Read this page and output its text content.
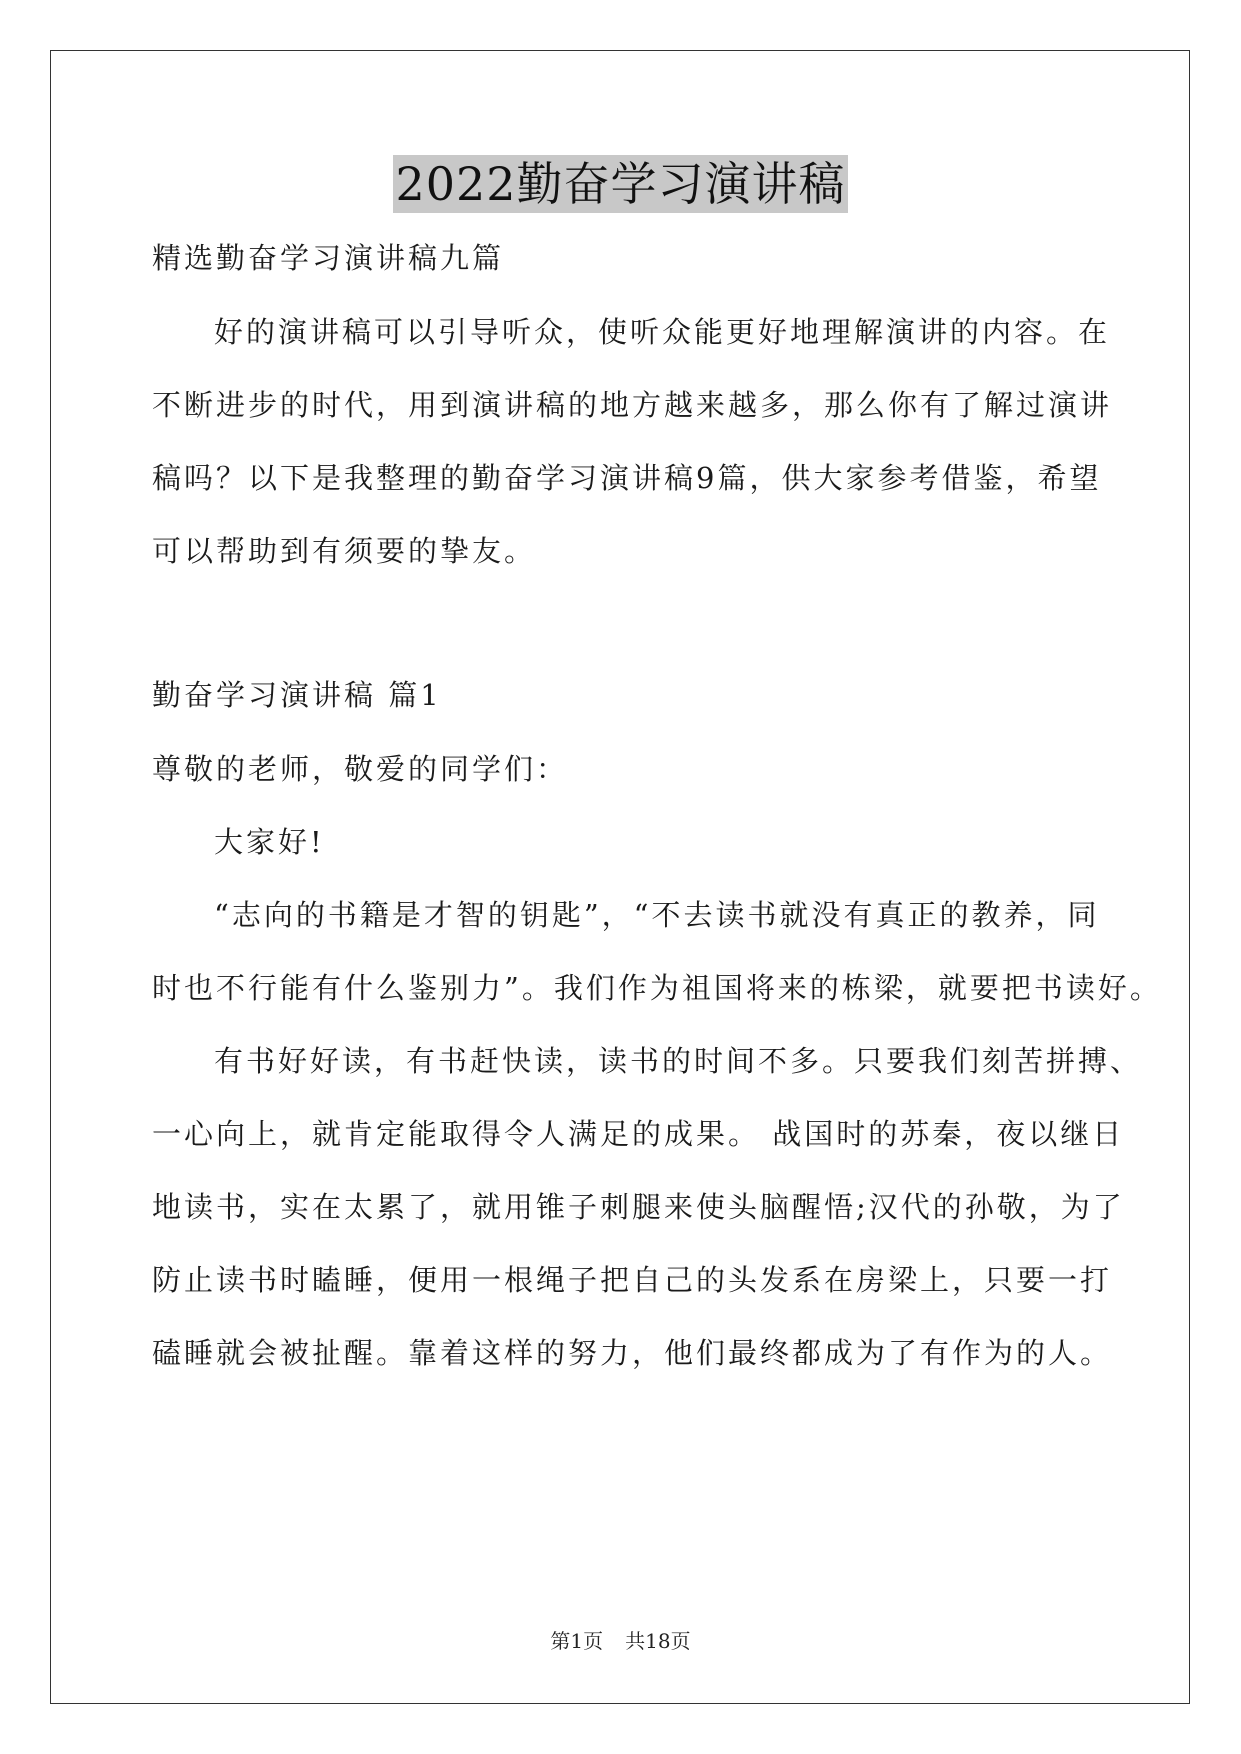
2022勤奋学习演讲稿
精选勤奋学习演讲稿九篇
好的演讲稿可以引导听众，使听众能更好地理解演讲的内容。在
不断进步的时代，用到演讲稿的地方越来越多，那么你有了解过演讲
稿吗？以下是我整理的勤奋学习演讲稿9篇，供大家参考借鉴，希望
可以帮助到有须要的挚友。
勤奋学习演讲稿 篇1
尊敬的老师，敬爱的同学们：
大家好!
“志向的书籍是才智的钥匙”，“不去读书就没有真正的教养，同
时也不行能有什么鉴别力”。我们作为祖国将来的栋梁，就要把书读好。
有书好好读，有书赶快读，读书的时间不多。只要我们刻苦拼搏、
一心向上，就肯定能取得令人满足的成果。 战国时的苏秦，夜以继日
地读书，实在太累了，就用锥子刺腿来使头脑醒悟;汉代的孙敬，为了
防止读书时瞌睡，便用一根绳子把自己的头发系在房梁上，只要一打
磕睡就会被扯醒。靠着这样的努力，他们最终都成为了有作为的人。
第1页 共18页
